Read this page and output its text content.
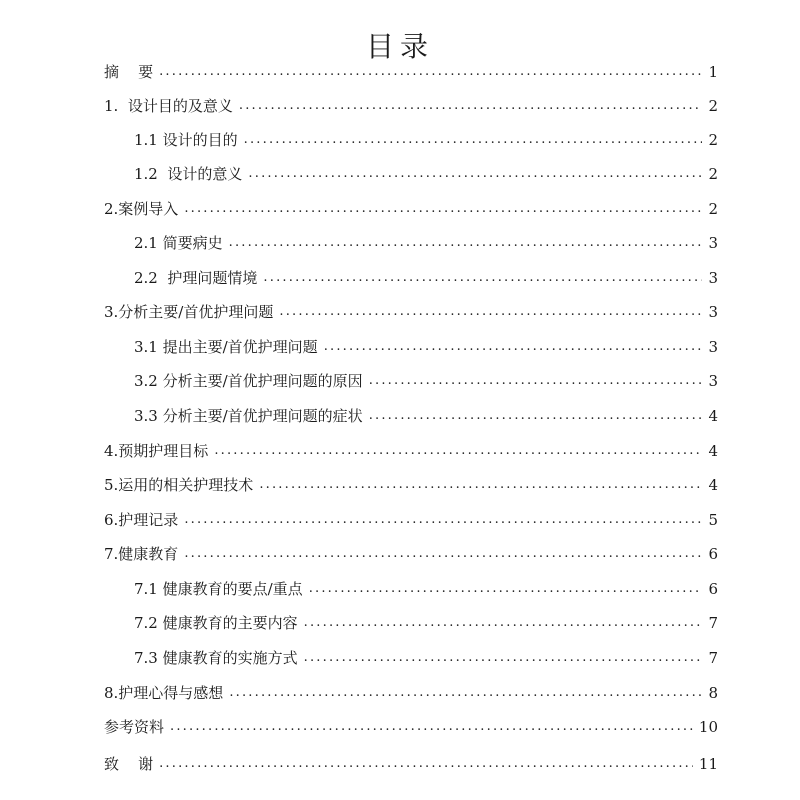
目录
摘    要 .....	1
1.  设计目的及意义 .....	2
1.1 设计的目的 .....	2
1.2  设计的意义 .....	2
2.案例导入 .....	2
2.1 简要病史 .....	3
2.2  护理问题情境 .....	3
3.分析主要/首优护理问题 .....	3
3.1 提出主要/首优护理问题 .....	3
3.2 分析主要/首优护理问题的原因 .....	3
3.3 分析主要/首优护理问题的症状 .....	4
4.预期护理目标 .....	4
5.运用的相关护理技术 .....	4
6.护理记录 .....	5
7.健康教育 .....	6
7.1 健康教育的要点/重点 .....	6
7.2 健康教育的主要内容 .....	7
7.3 健康教育的实施方式 .....	7
8.护理心得与感想 .....	8
参考资料 .....	10
致    谢 .....	11
